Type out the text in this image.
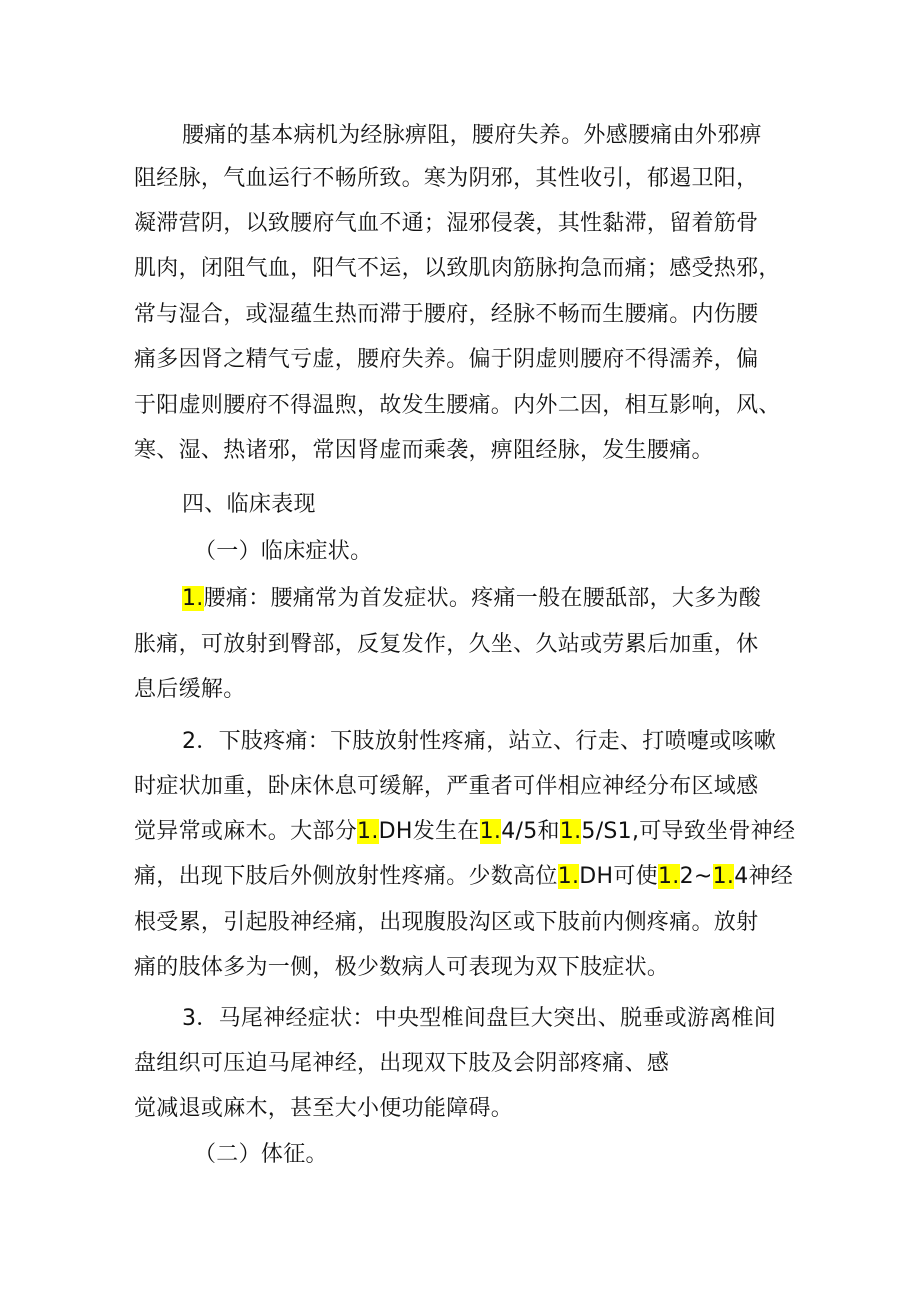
腰痛的基本病机为经脉痹阻，腰府失养。外感腰痛由外邪痹
阻经脉，气血运行不畅所致。寒为阴邪，其性收引，郁遏卫阳，
凝滞营阴，以致腰府气血不通；湿邪侵袭，其性黏滞，留着筋骨
肌肉，闭阻气血，阳气不运，以致肌肉筋脉拘急而痛；感受热邪，
常与湿合，或湿蕴生热而滞于腰府，经脉不畅而生腰痛。内伤腰
痛多因肾之精气亏虚，腰府失养。偏于阴虚则腰府不得濡养，偏
于阳虚则腰府不得温煦，故发生腰痛。内外二因，相互影响，风、
寒、湿、热诸邪，常因肾虚而乘袭，痹阻经脉，发生腰痛。
四、临床表现
（一）临床症状。
1.腰痛：腰痛常为首发症状。疼痛一般在腰舐部，大多为酸
胀痛，可放射到臀部，反复发作，久坐、久站或劳累后加重，休
息后缓解。
2．下肢疼痛：下肢放射性疼痛，站立、行走、打喷嚏或咳嗽
时症状加重，卧床休息可缓解，严重者可伴相应神经分布区域感
觉异常或麻木。大部分1.DH发生在1.4/5和1.5/S1,可导致坐骨神经
痛，出现下肢后外侧放射性疼痛。少数高位1.DH可使1.2~1.4神经
根受累，引起股神经痛，出现腹股沟区或下肢前内侧疼痛。放射
痛的肢体多为一侧，极少数病人可表现为双下肢症状。
3．马尾神经症状：中央型椎间盘巨大突出、脱垂或游离椎间
盘组织可压迫马尾神经，出现双下肢及会阴部疼痛、感
觉减退或麻木，甚至大小便功能障碍。
（二）体征。
